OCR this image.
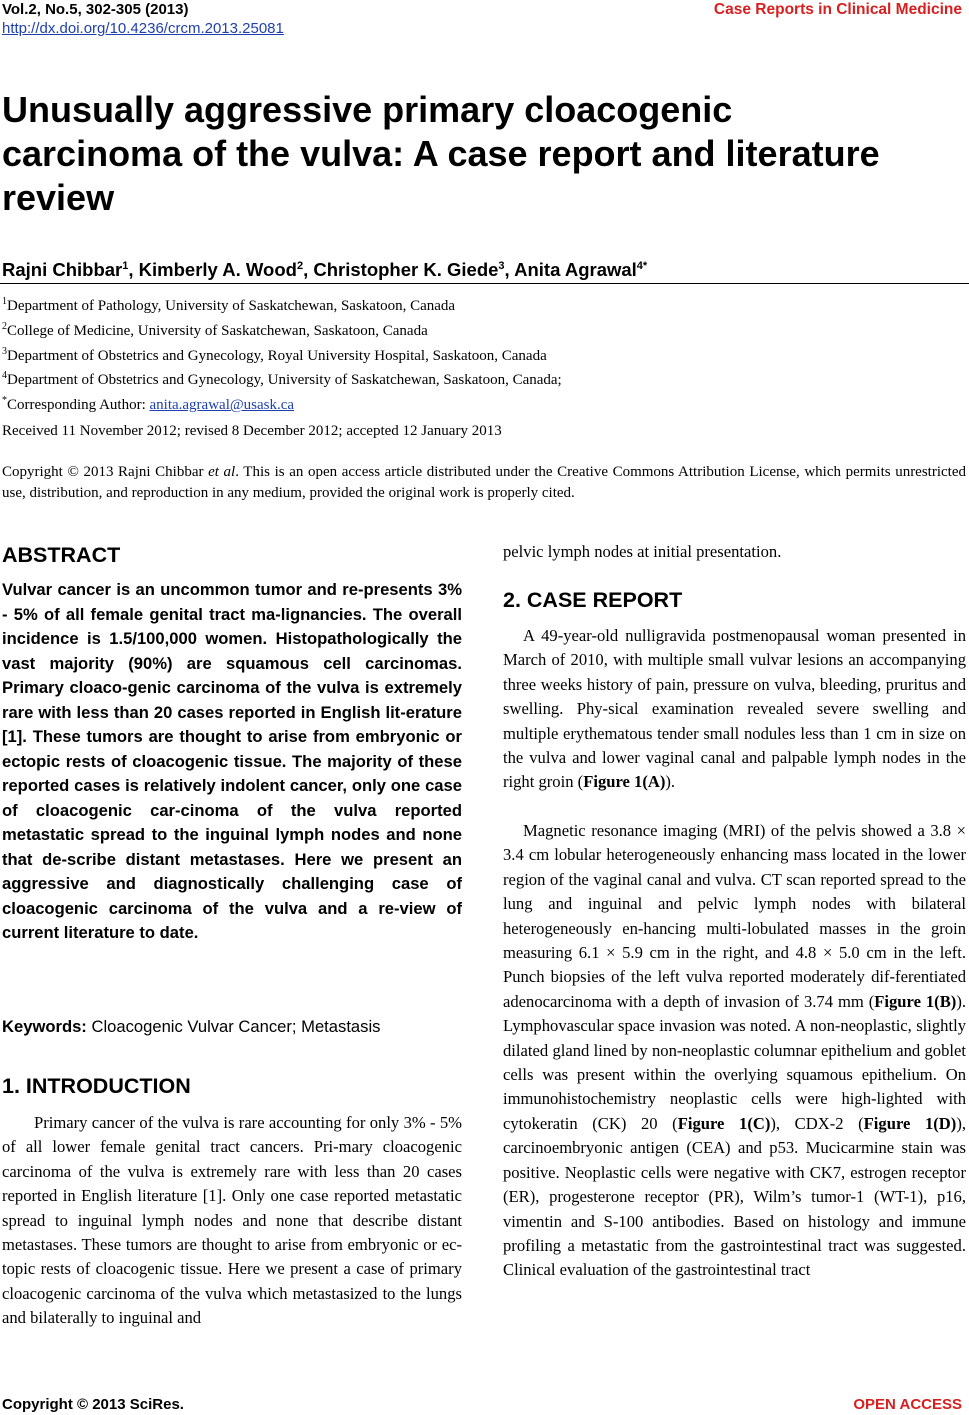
Vol.2, No.5, 302-305 (2013)
http://dx.doi.org/10.4236/crcm.2013.25081
Case Reports in Clinical Medicine
Unusually aggressive primary cloacogenic carcinoma of the vulva: A case report and literature review
Rajni Chibbar$^1$, Kimberly A. Wood$^2$, Christopher K. Giede$^3$, Anita Agrawal$^{4*}$
$^1$Department of Pathology, University of Saskatchewan, Saskatoon, Canada
$^2$College of Medicine, University of Saskatchewan, Saskatoon, Canada
$^3$Department of Obstetrics and Gynecology, Royal University Hospital, Saskatoon, Canada
$^4$Department of Obstetrics and Gynecology, University of Saskatchewan, Saskatoon, Canada;
*Corresponding Author: anita.agrawal@usask.ca
Received 11 November 2012; revised 8 December 2012; accepted 12 January 2013
Copyright © 2013 Rajni Chibbar et al. This is an open access article distributed under the Creative Commons Attribution License, which permits unrestricted use, distribution, and reproduction in any medium, provided the original work is properly cited.
ABSTRACT
Vulvar cancer is an uncommon tumor and re-presents 3% - 5% of all female genital tract ma-lignancies. The overall incidence is 1.5/100,000 women. Histopathologically the vast majority (90%) are squamous cell carcinomas. Primary cloaco-genic carcinoma of the vulva is extremely rare with less than 20 cases reported in English lit-erature [1]. These tumors are thought to arise from embryonic or ectopic rests of cloacogenic tissue. The majority of these reported cases is relatively indolent cancer, only one case of cloacogenic car-cinoma of the vulva reported metastatic spread to the inguinal lymph nodes and none that de-scribe distant metastases. Here we present an aggressive and diagnostically challenging case of cloacogenic carcinoma of the vulva and a re-view of current literature to date.
Keywords: Cloacogenic Vulvar Cancer; Metastasis
1. INTRODUCTION
Primary cancer of the vulva is rare accounting for only 3% - 5% of all lower female genital tract cancers. Pri-mary cloacogenic carcinoma of the vulva is extremely rare with less than 20 cases reported in English literature [1]. Only one case reported metastatic spread to inguinal lymph nodes and none that describe distant metastases. These tumors are thought to arise from embryonic or ec-topic rests of cloacogenic tissue. Here we present a case of primary cloacogenic carcinoma of the vulva which metastasized to the lungs and bilaterally to inguinal and
pelvic lymph nodes at initial presentation.
2. CASE REPORT
A 49-year-old nulligravida postmenopausal woman presented in March of 2010, with multiple small vulvar lesions an accompanying three weeks history of pain, pressure on vulva, bleeding, pruritus and swelling. Phy-sical examination revealed severe swelling and multiple erythematous tender small nodules less than 1 cm in size on the vulva and lower vaginal canal and palpable lymph nodes in the right groin (Figure 1(A)).
Magnetic resonance imaging (MRI) of the pelvis showed a 3.8 × 3.4 cm lobular heterogeneously enhancing mass located in the lower region of the vaginal canal and vulva. CT scan reported spread to the lung and inguinal and pelvic lymph nodes with bilateral heterogeneously en-hancing multi-lobulated masses in the groin measuring 6.1 × 5.9 cm in the right, and 4.8 × 5.0 cm in the left. Punch biopsies of the left vulva reported moderately dif-ferentiated adenocarcinoma with a depth of invasion of 3.74 mm (Figure 1(B)). Lymphovascular space invasion was noted. A non-neoplastic, slightly dilated gland lined by non-neoplastic columnar epithelium and goblet cells was present within the overlying squamous epithelium. On immunohistochemistry neoplastic cells were high-lighted with cytokeratin (CK) 20 (Figure 1(C)), CDX-2 (Figure 1(D)), carcinoembryonic antigen (CEA) and p53. Mucicarmine stain was positive. Neoplastic cells were negative with CK7, estrogen receptor (ER), progesterone receptor (PR), Wilm’s tumor-1 (WT-1), p16, vimentin and S-100 antibodies. Based on histology and immune profiling a metastatic from the gastrointestinal tract was suggested. Clinical evaluation of the gastrointestinal tract
Copyright © 2013 SciRes.	OPEN ACCESS
